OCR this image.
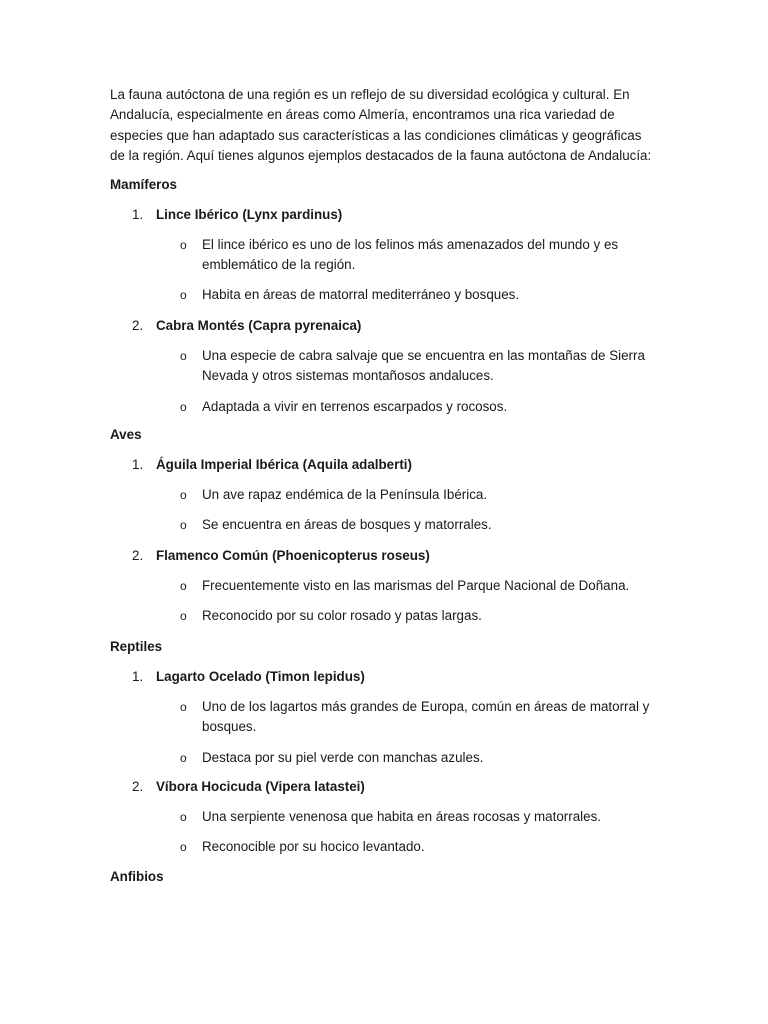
La fauna autóctona de una región es un reflejo de su diversidad ecológica y cultural. En Andalucía, especialmente en áreas como Almería, encontramos una rica variedad de especies que han adaptado sus características a las condiciones climáticas y geográficas de la región. Aquí tienes algunos ejemplos destacados de la fauna autóctona de Andalucía:

Mamíferos
1. Lince Ibérico (Lynx pardinus)
o El lince ibérico es uno de los felinos más amenazados del mundo y es emblemático de la región.
o Habita en áreas de matorral mediterráneo y bosques.
2. Cabra Montés (Capra pyrenaica)
o Una especie de cabra salvaje que se encuentra en las montañas de Sierra Nevada y otros sistemas montañosos andaluces.
o Adaptada a vivir en terrenos escarpados y rocosos.
Aves
1. Águila Imperial Ibérica (Aquila adalberti)
o Un ave rapaz endémica de la Península Ibérica.
o Se encuentra en áreas de bosques y matorrales.
2. Flamenco Común (Phoenicopterus roseus)
o Frecuentemente visto en las marismas del Parque Nacional de Doñana.
o Reconocido por su color rosado y patas largas.
Reptiles
1. Lagarto Ocelado (Timon lepidus)
o Uno de los lagartos más grandes de Europa, común en áreas de matorral y bosques.
o Destaca por su piel verde con manchas azules.
2. Víbora Hocicuda (Vipera latastei)
o Una serpiente venenosa que habita en áreas rocosas y matorrales.
o Reconocible por su hocico levantado.
Anfibios
